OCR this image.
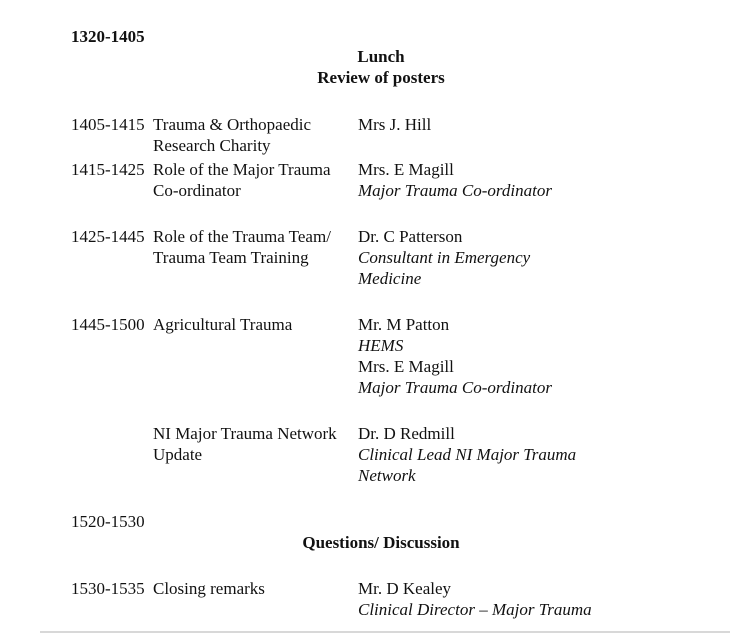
1320-1405
Lunch
Review of posters
1405-1415 Trauma & Orthopaedic
Research Charity
Mrs J. Hill
1415-1425 Role of the Major Trauma
Co-ordinator
Mrs. E Magill
Major Trauma Co-ordinator
1425-1445 Role of the Trauma Team/
Trauma Team Training
Dr. C Patterson
Consultant in Emergency
Medicine
1445-1500 Agricultural Trauma	Mr. M Patton
HEMS
Mrs. E Magill
Major Trauma Co-ordinator
NI Major Trauma Network
Update
Dr. D Redmill
Clinical Lead NI Major Trauma
Network
1520-1530
Questions/ Discussion
1530-1535 Closing remarks	Mr. D Kealey
Clinical Director – Major Trauma
